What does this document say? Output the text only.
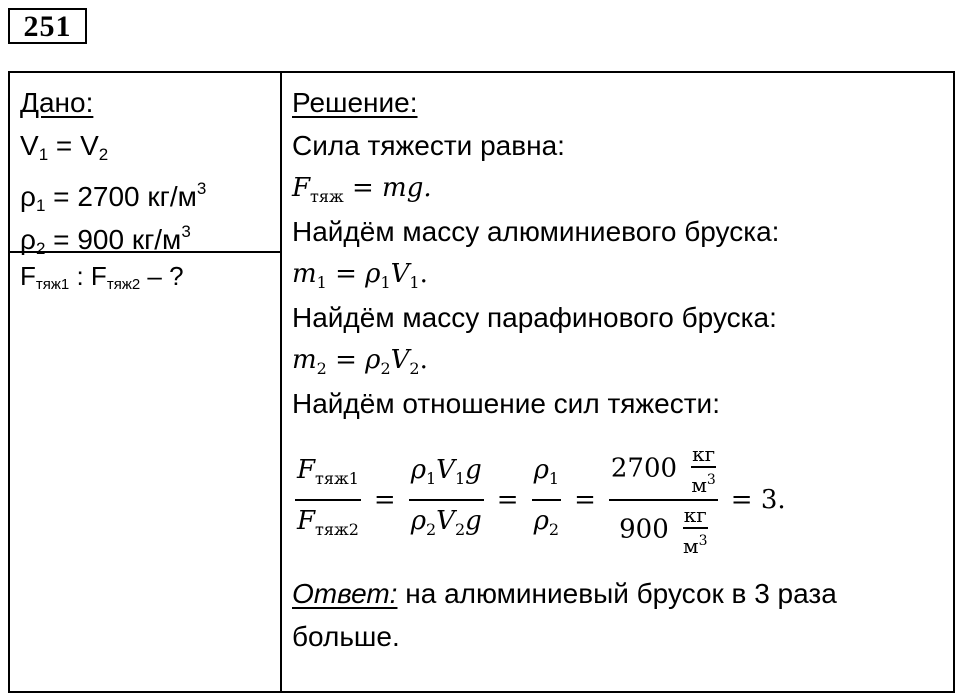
251
Дано:
$V_1 = V_2$
$\rho_1 = 2700$ $кг/м^3$
$\rho_2 = 900$ $кг/м^3$
$F_{тяж1}$ : $F_{тяж2}$ – ?
Решение:
Сила тяжести равна:
$F_{тяж}$ = mg.
Найдём массу алюминиевого бруска:
$m_1 = \rho_1V_1$.
Найдём массу парафинового бруска:
$m_2 = \rho_2V_2$.
Найдём отношение сил тяжести:
$\frac{F_{тяж1}}{F_{тяж2}} = \frac{\rho_1V_1g}{\rho_2V_2g} = \frac{\rho_1}{\rho_2} = \frac{2700 \frac{кг}{м^3}}{900 \frac{кг}{м^3}} = 3$.
Ответ: на алюминиевый брусок в 3 раза больше.
